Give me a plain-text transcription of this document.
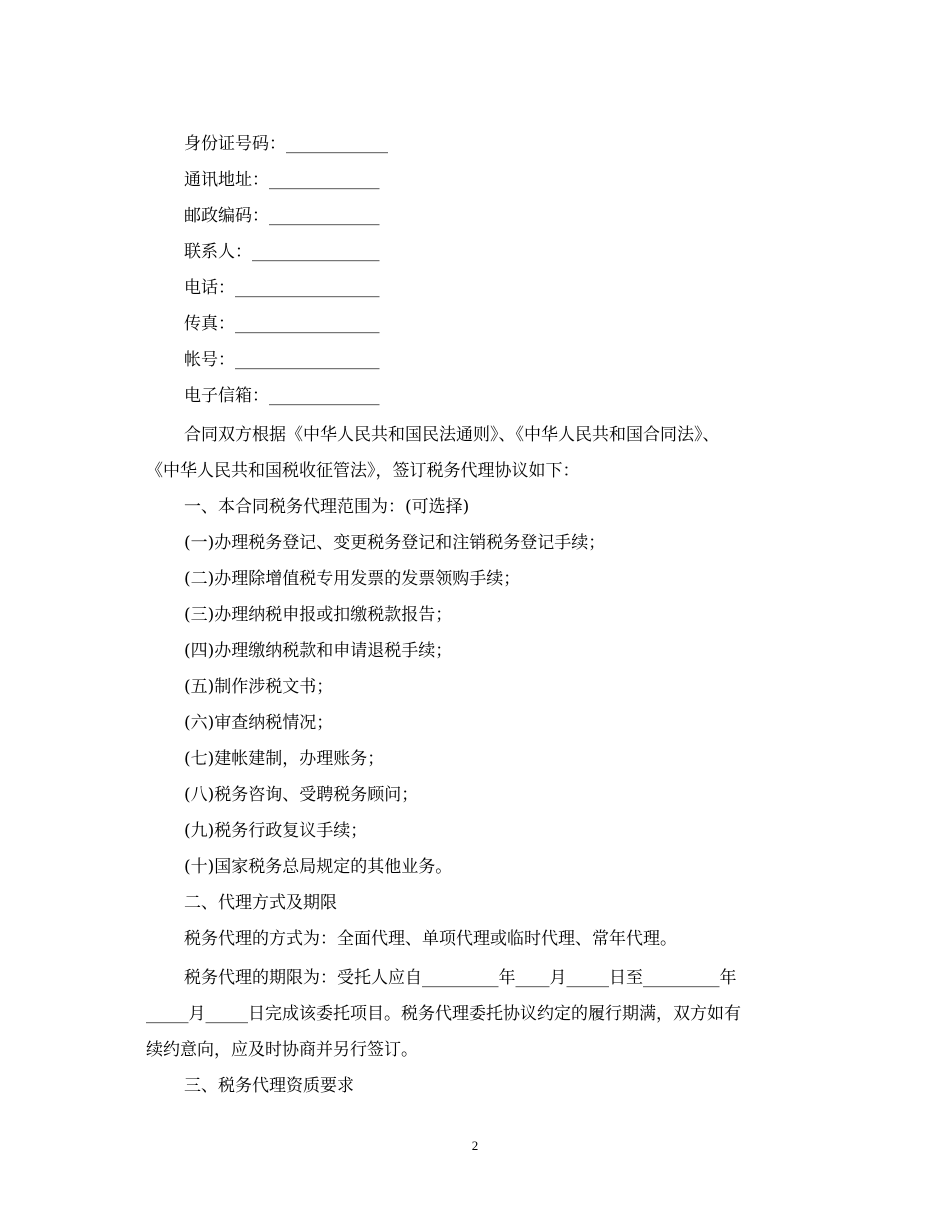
身份证号码：____________
通讯地址：_____________
邮政编码：_____________
联系人：_______________
电话：_________________
传真：_________________
帐号：_________________
电子信箱：_____________
合同双方根据《中华人民共和国民法通则》、《中华人民共和国合同法》、
《中华人民共和国税收征管法》，签订税务代理协议如下：
一、本合同税务代理范围为：(可选择)
(一)办理税务登记、变更税务登记和注销税务登记手续；
(二)办理除增值税专用发票的发票领购手续；
(三)办理纳税申报或扣缴税款报告；
(四)办理缴纳税款和申请退税手续；
(五)制作涉税文书；
(六)审查纳税情况；
(七)建帐建制，办理账务；
(八)税务咨询、受聘税务顾问；
(九)税务行政复议手续；
(十)国家税务总局规定的其他业务。
二、代理方式及期限
税务代理的方式为：全面代理、单项代理或临时代理、常年代理。
税务代理的期限为：受托人应自_________年____月_____日至_________年
_____月_____日完成该委托项目。税务代理委托协议约定的履行期满，双方如有
续约意向，应及时协商并另行签订。
三、税务代理资质要求
2
